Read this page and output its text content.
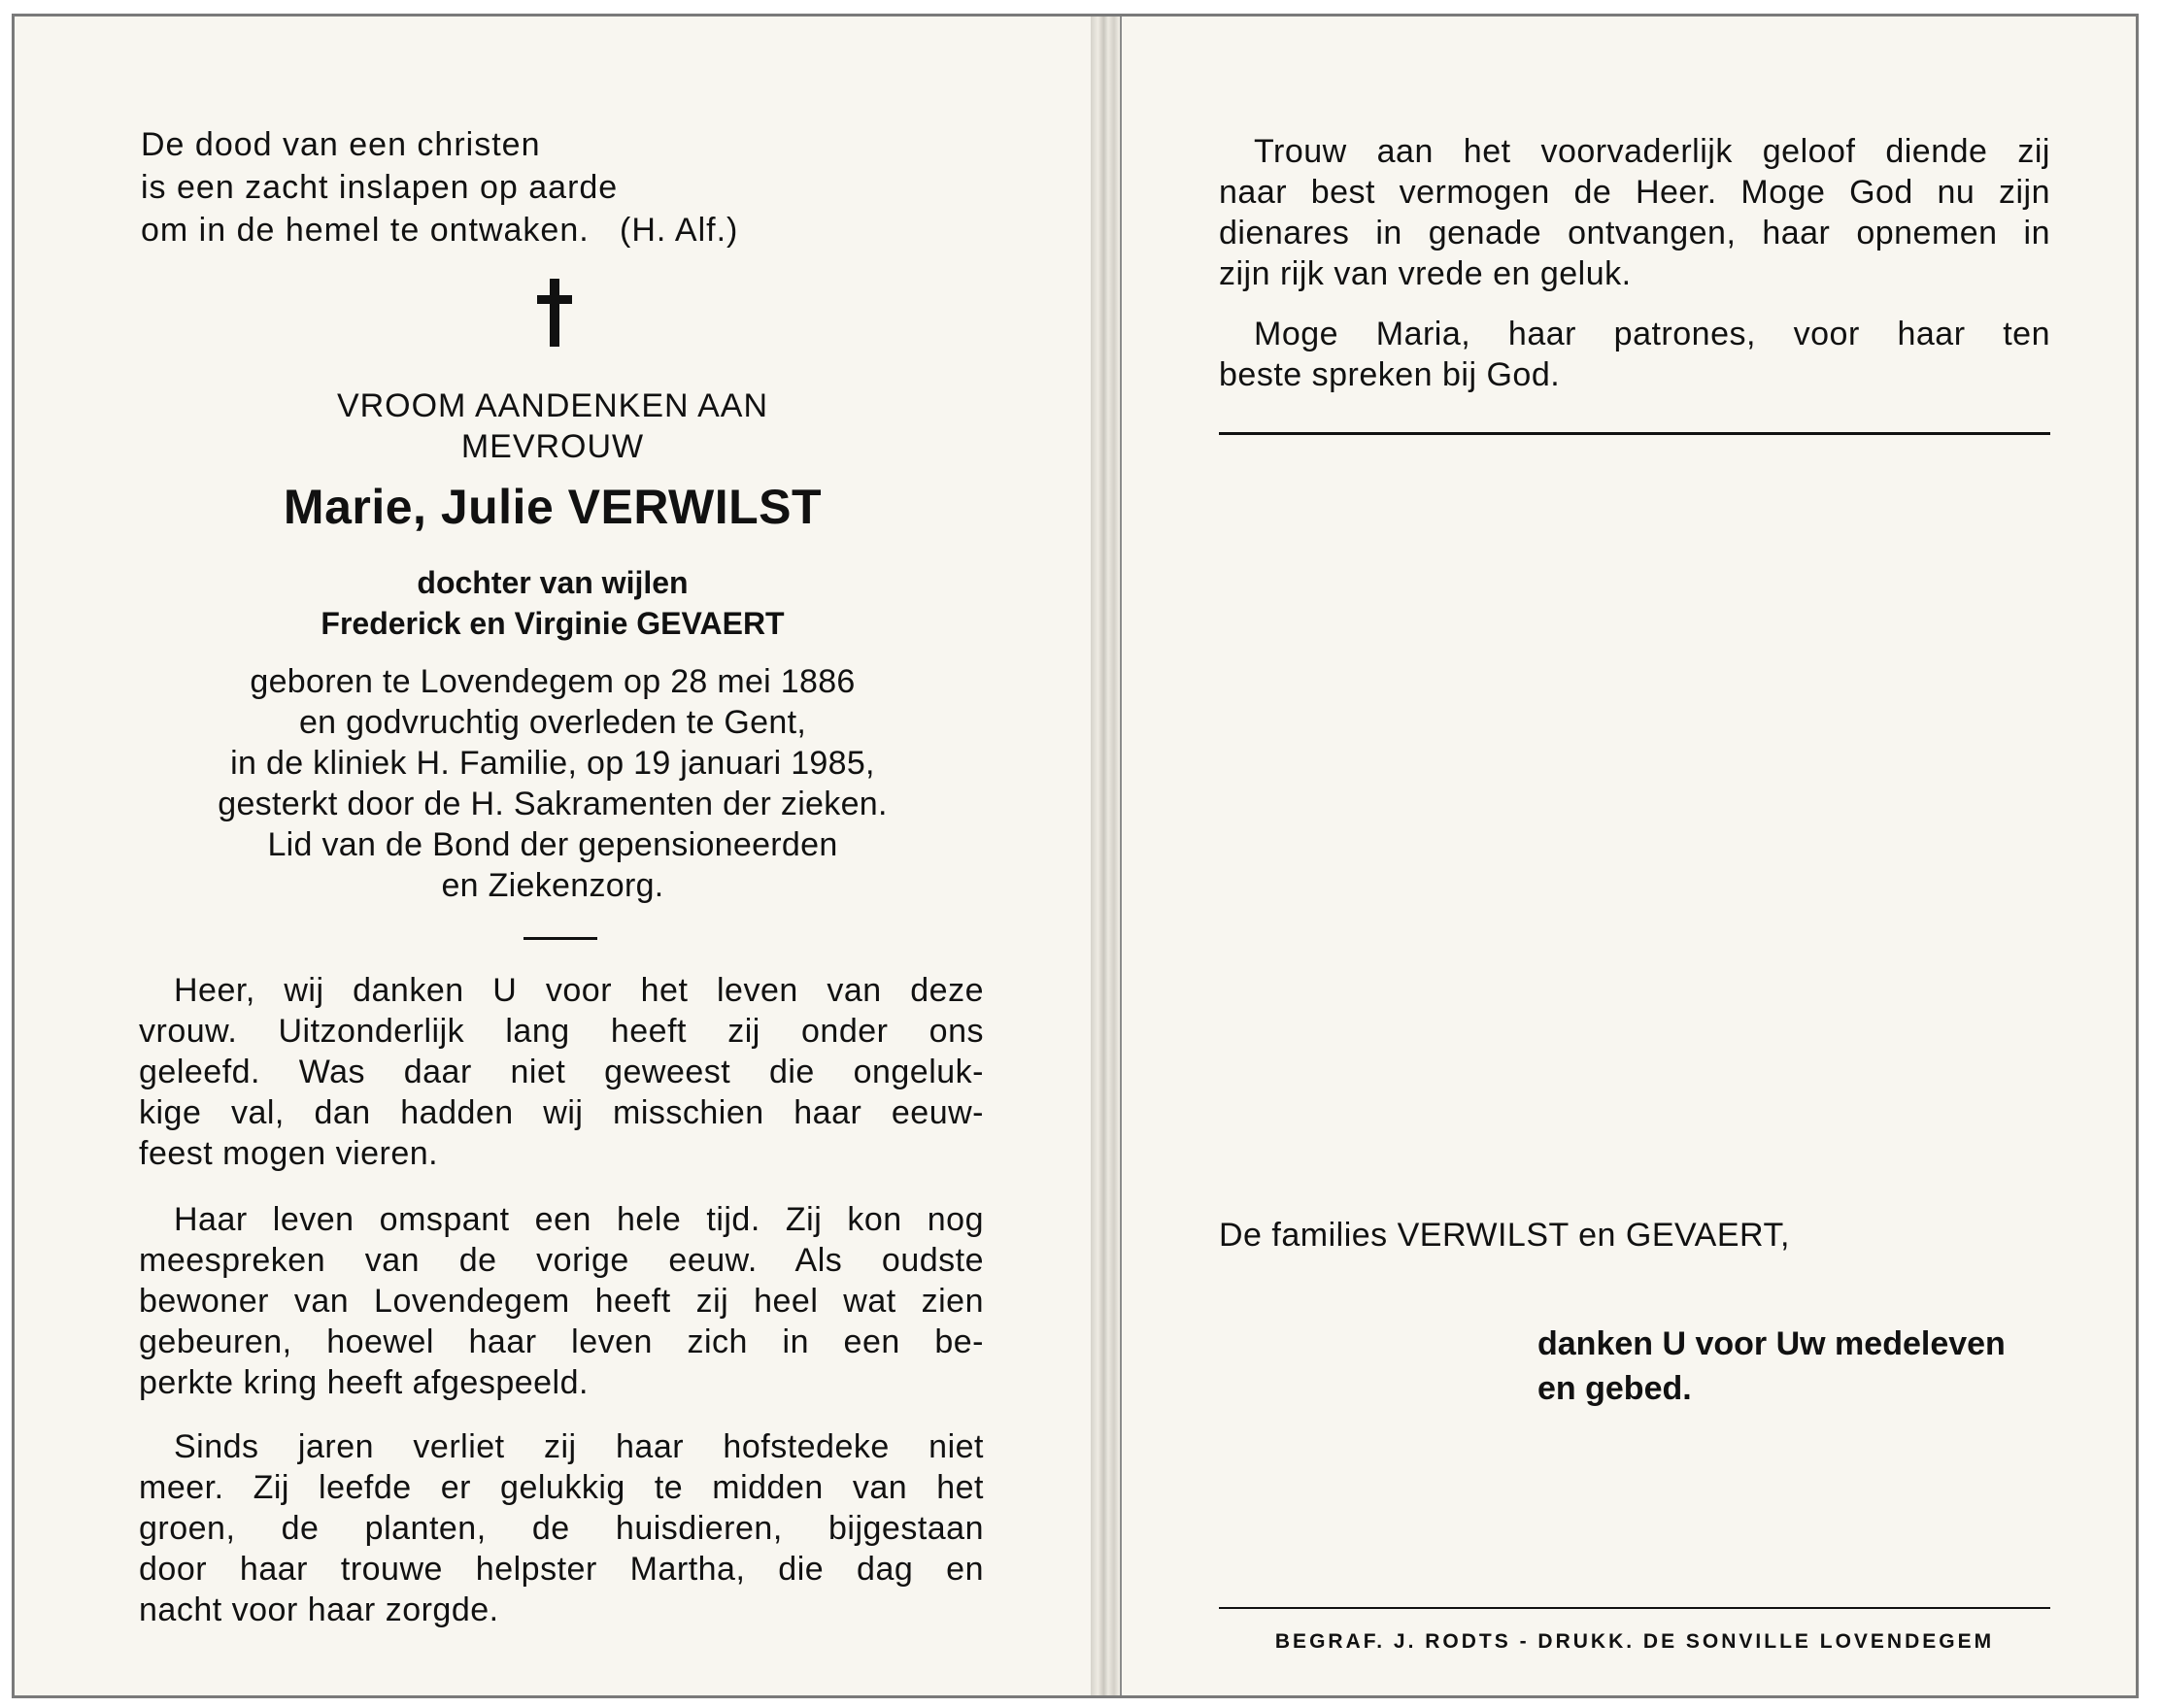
De dood van een christen
is een zacht inslapen op aarde
om in de hemel te ontwaken.   (H. Alf.)
VROOM AANDENKEN AAN
MEVROUW
Marie, Julie VERWILST
dochter van wijlen
Frederick en Virginie GEVAERT
geboren te Lovendegem op 28 mei 1886
en godvruchtig overleden te Gent,
in de kliniek H. Familie, op 19 januari 1985,
gesterkt door de H. Sakramenten der zieken.
Lid van de Bond der gepensioneerden
en Ziekenzorg.
Heer, wij danken U voor het leven van deze
vrouw. Uitzonderlijk lang heeft zij onder ons
geleefd. Was daar niet geweest die ongeluk-
kige val, dan hadden wij misschien haar eeuw-
feest mogen vieren.
Haar leven omspant een hele tijd. Zij kon nog
meespreken van de vorige eeuw. Als oudste
bewoner van Lovendegem heeft zij heel wat zien
gebeuren, hoewel haar leven zich in een be-
perkte kring heeft afgespeeld.
Sinds jaren verliet zij haar hofstedeke niet
meer. Zij leefde er gelukkig te midden van het
groen, de planten, de huisdieren, bijgestaan
door haar trouwe helpster Martha, die dag en
nacht voor haar zorgde.
Trouw aan het voorvaderlijk geloof diende zij
naar best vermogen de Heer. Moge God nu zijn
dienares in genade ontvangen, haar opnemen in
zijn rijk van vrede en geluk.
Moge Maria, haar patrones, voor haar ten
beste spreken bij God.
De families VERWILST en GEVAERT,
danken U voor Uw medeleven
en gebed.
BEGRAF. J. RODTS - DRUKK. DE SONVILLE LOVENDEGEM
